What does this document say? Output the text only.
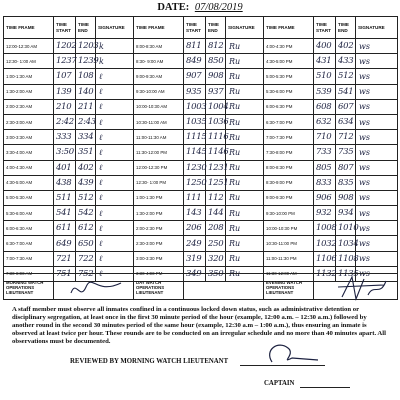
DATE: 07/08/2019
TIME FRAME	TIME START	TIME END	SIGNATURE	TIME FRAME	TIME START	TIME END	SIGNATURE	TIME FRAME	TIME START	TIME END	SIGNATURE
12:00-12:30 AM	1202	1203	k	8:00-8:30 AM	811	812	Ru	4:00-4:30 PM	400	402	ws
12:30- 1:00 AM	1237	1239	k	8:30- 9:00 AM	849	850	Ru	4:30-5:00 PM	431	433	ws
1:00-1:30 AM	107	108	ℓ	9:00-9:30 AM	907	908	Ru	5:00-5:30 PM	510	512	ws
1:30-2:00 AM	139	140	ℓ	9:30-10:00 AM	935	937	Ru	5:30-6:00 PM	539	541	ws
2:00-2:30 AM	210	211	ℓ	10:00-10:30 AM	1003	1004	Ru	6:00-6:30 PM	608	607	ws
2:30-3:00 AM	2:42	2:43	ℓ	10:30-11:00 AM	1035	1036	Ru	6:30-7:00 PM	632	634	ws
3:00-3:30 AM	333	334	ℓ	11:00-11:30 AM	1115	1116	Ru	7:00-7:30 PM	710	712	ws
3:30-4:00 AM	3:50	351	ℓ	11:30-12:00 PM	1145	1146	Ru	7:30-8:00 PM	733	735	ws
4:00-4:30 AM	401	402	ℓ	12:00-12:30 PM	1230	1231	Ru	8:00-8:30 PM	805	807	ws
4:30-5:00 AM	438	439	ℓ	12:30- 1:00 PM	1250	1251	Ru	8:30-9:00 PM	833	835	ws
5:00-5:30 AM	511	512	ℓ	1:00-1:30 PM	111	112	Ru	9:00-9:30 PM	906	908	ws
5:30-6:00 AM	541	542	ℓ	1:30-2:00 PM	143	144	Ru	9:30-10:00 PM	932	934	ws
6:00-6:30 AM	611	612	ℓ	2:00-2:30 PM	206	208	Ru	10:00-10:30 PM	1008	1010	ws
6:30-7:00 AM	649	650	ℓ	2:30-3:00 PM	249	250	Ru	10:30-11:00 PM	1032	1034	ws
7:00-7:30 AM	721	722	ℓ	3:00-3:30 PM	319	320	Ru	11:00-11:30 PM	1106	1108	ws
7:30-8:00 AM	751	752	ℓ	3:30-4:00 PM	349	350	Ru	11:30-12:00 AM	1132	1135	ws
MORNING WATCH OPERATIONS LIEUTENANT	
	DAY WATCH OPERATIONS LIEUTENANT		EVENING WATCH OPERATIONS LIEUTENANT	

A staff member must observe all inmates confined in a continuous locked down status, such as administrative detention or disciplinary segregation, at least once in the first 30 minute period of the hour (example, 12:00 a.m. – 12:30 a.m.) followed by another round in the second 30 minutes period of the same hour (example, 12:30 a.m – 1:00 a.m.), thus ensuring an inmate is observed at least twice per hour. These rounds are to be conducted on an irregular schedule and no more than 40 minutes apart. All observations must be documented.

REVIEWED BY MORNING WATCH LIEUTENANT
CAPTAIN
